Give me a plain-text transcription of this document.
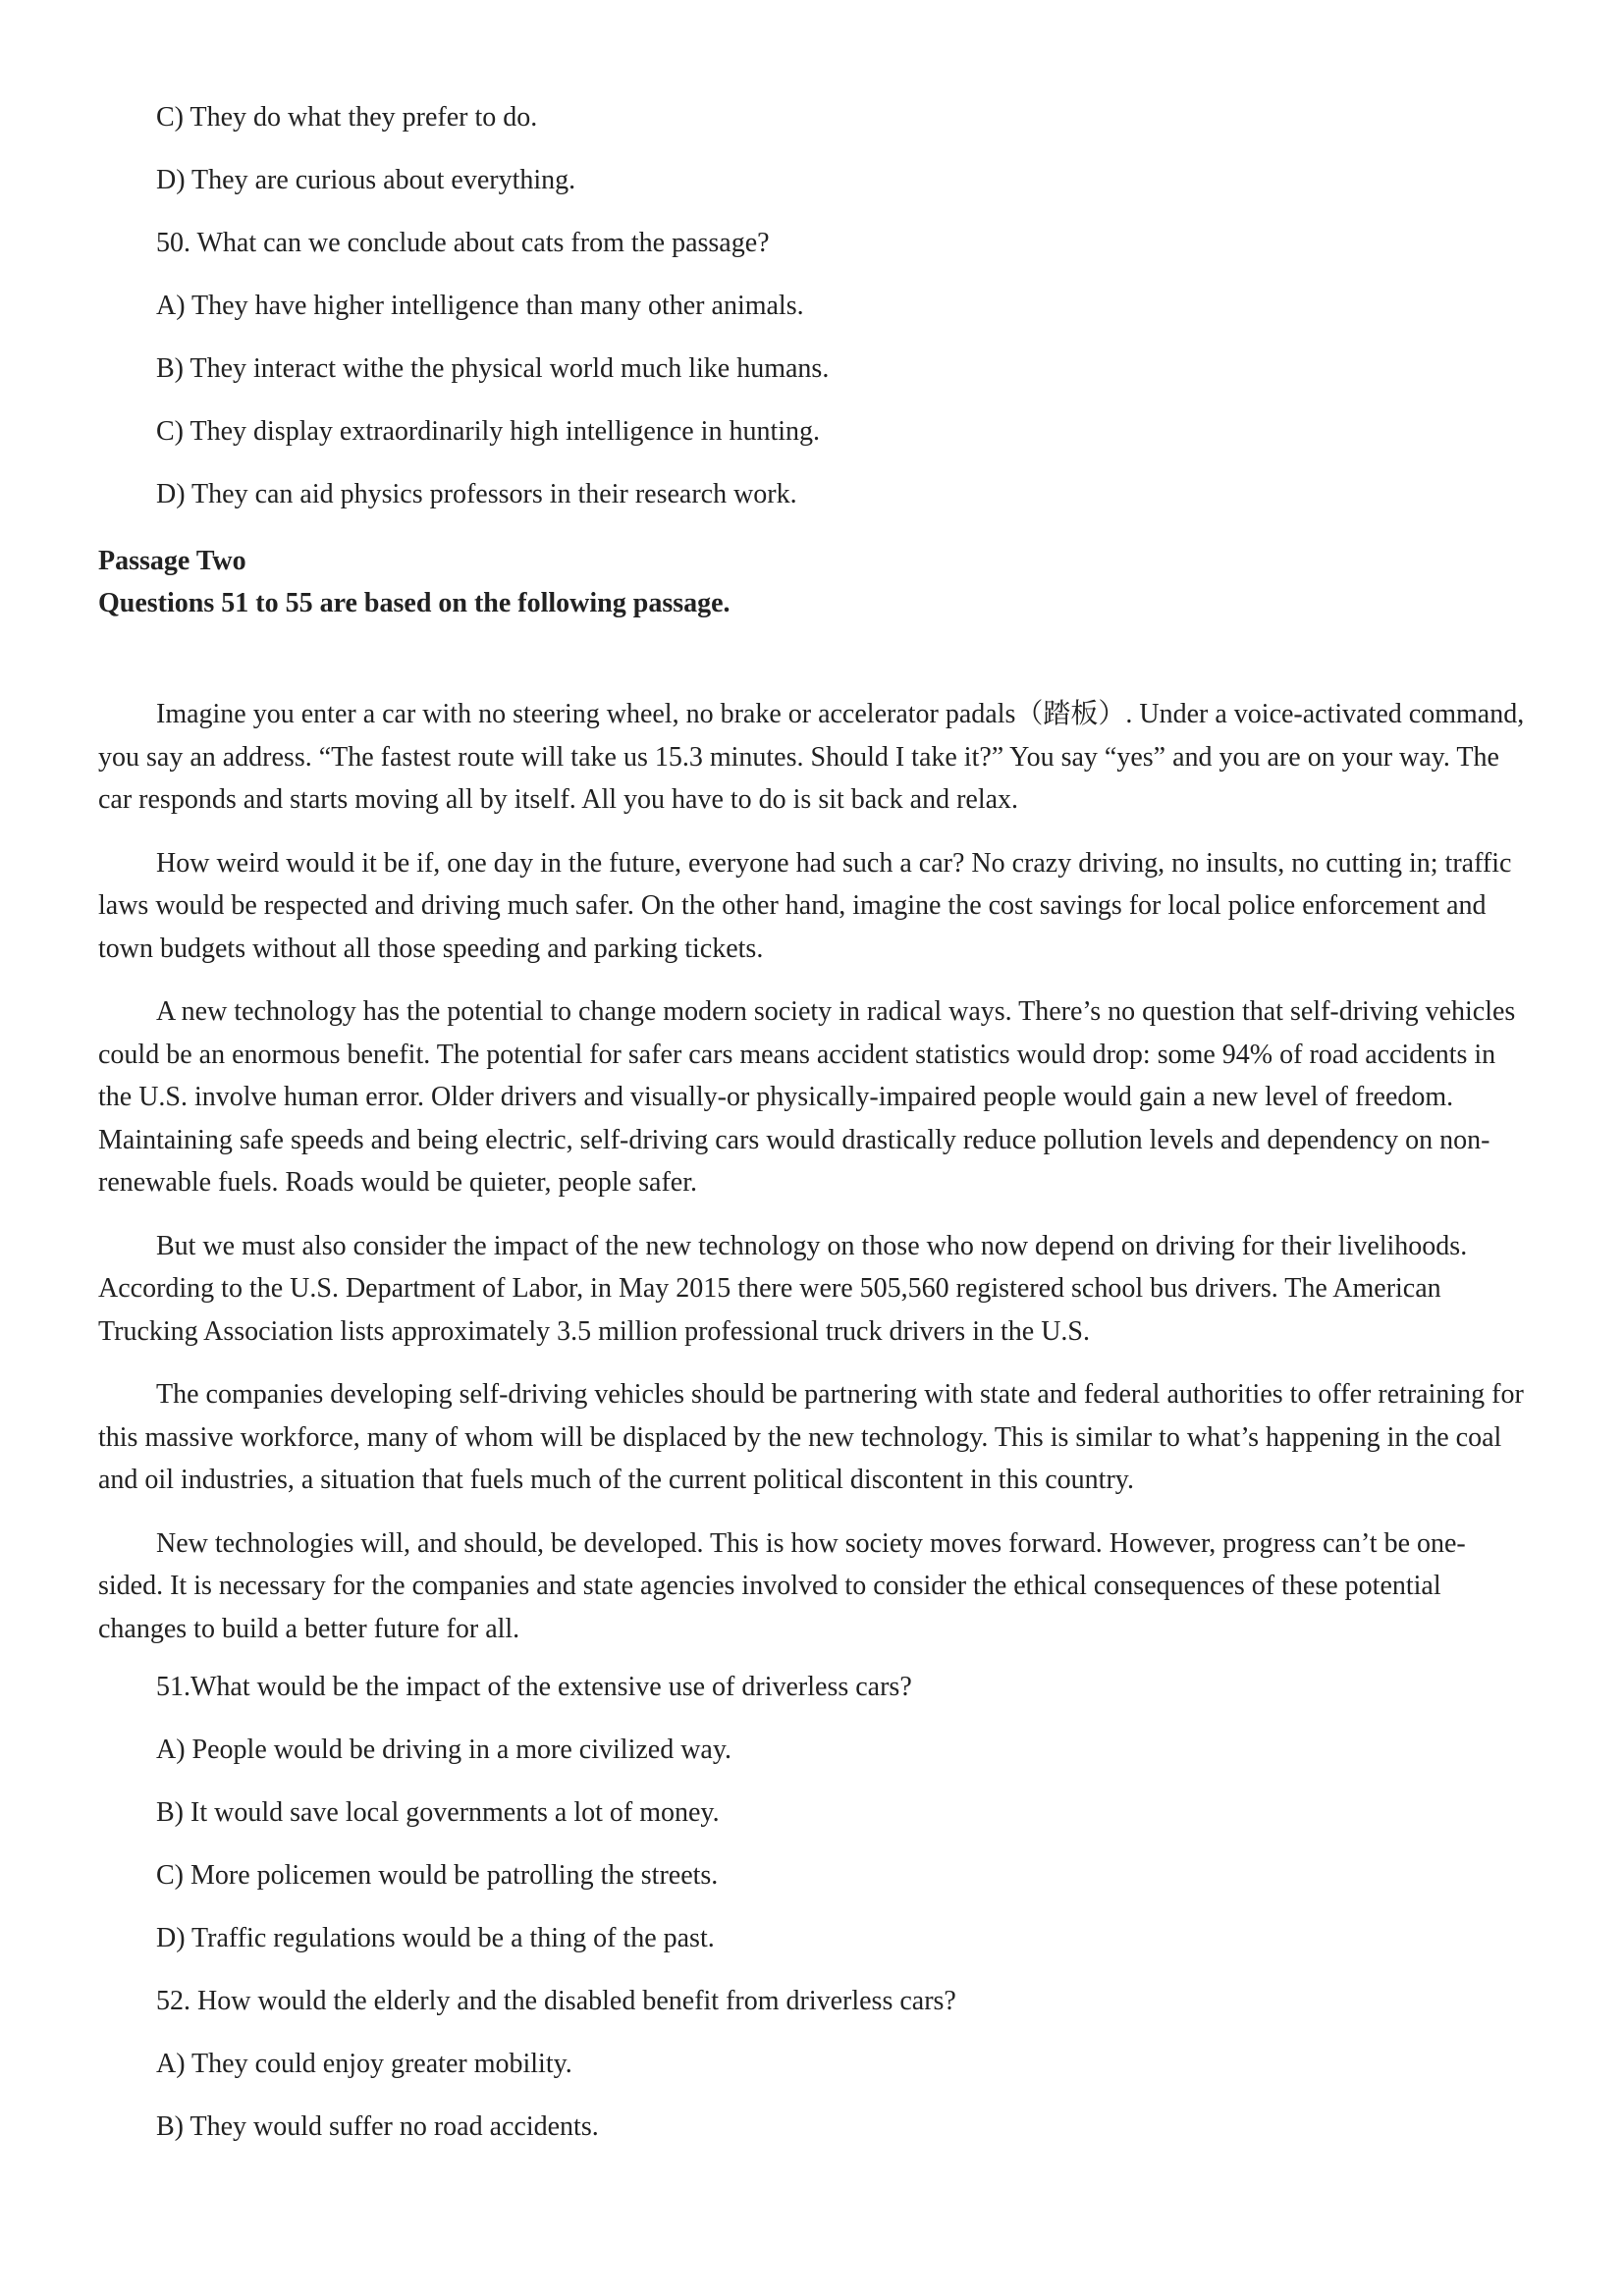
C) They do what they prefer to do.

D) They are curious about everything.

50. What can we conclude about cats from the passage?

A) They have higher intelligence than many other animals.

B) They interact withe the physical world much like humans.

C) They display extraordinarily high intelligence in hunting.

D) They can aid physics professors in their research work.

Passage Two

Questions 51 to 55 are based on the following passage.

Imagine you enter a car with no steering wheel, no brake or accelerator padals（踏板）. Under a voice-activated command, you say an address. “The fastest route will take us 15.3 minutes. Should I take it?” You say “yes” and you are on your way. The car responds and starts moving all by itself. All you have to do is sit back and relax.

How weird would it be if, one day in the future, everyone had such a car? No crazy driving, no insults, no cutting in; traffic laws would be respected and driving much safer. On the other hand, imagine the cost savings for local police enforcement and town budgets without all those speeding and parking tickets.

A new technology has the potential to change modern society in radical ways. There’s no question that self-driving vehicles could be an enormous benefit. The potential for safer cars means accident statistics would drop: some 94% of road accidents in the U.S. involve human error. Older drivers and visually-or physically-impaired people would gain a new level of freedom. Maintaining safe speeds and being electric, self-driving cars would drastically reduce pollution levels and dependency on non-renewable fuels. Roads would be quieter, people safer.

But we must also consider the impact of the new technology on those who now depend on driving for their livelihoods. According to the U.S. Department of Labor, in May 2015 there were 505,560 registered school bus drivers. The American Trucking Association lists approximately 3.5 million professional truck drivers in the U.S.

The companies developing self-driving vehicles should be partnering with state and federal authorities to offer retraining for this massive workforce, many of whom will be displaced by the new technology. This is similar to what’s happening in the coal and oil industries, a situation that fuels much of the current political discontent in this country.

New technologies will, and should, be developed. This is how society moves forward. However, progress can’t be one-sided. It is necessary for the companies and state agencies involved to consider the ethical consequences of these potential changes to build a better future for all.

51.What would be the impact of the extensive use of driverless cars?

A) People would be driving in a more civilized way.

B) It would save local governments a lot of money.

C) More policemen would be patrolling the streets.

D) Traffic regulations would be a thing of the past.

52. How would the elderly and the disabled benefit from driverless cars?

A) They could enjoy greater mobility.

B) They would suffer no road accidents.
